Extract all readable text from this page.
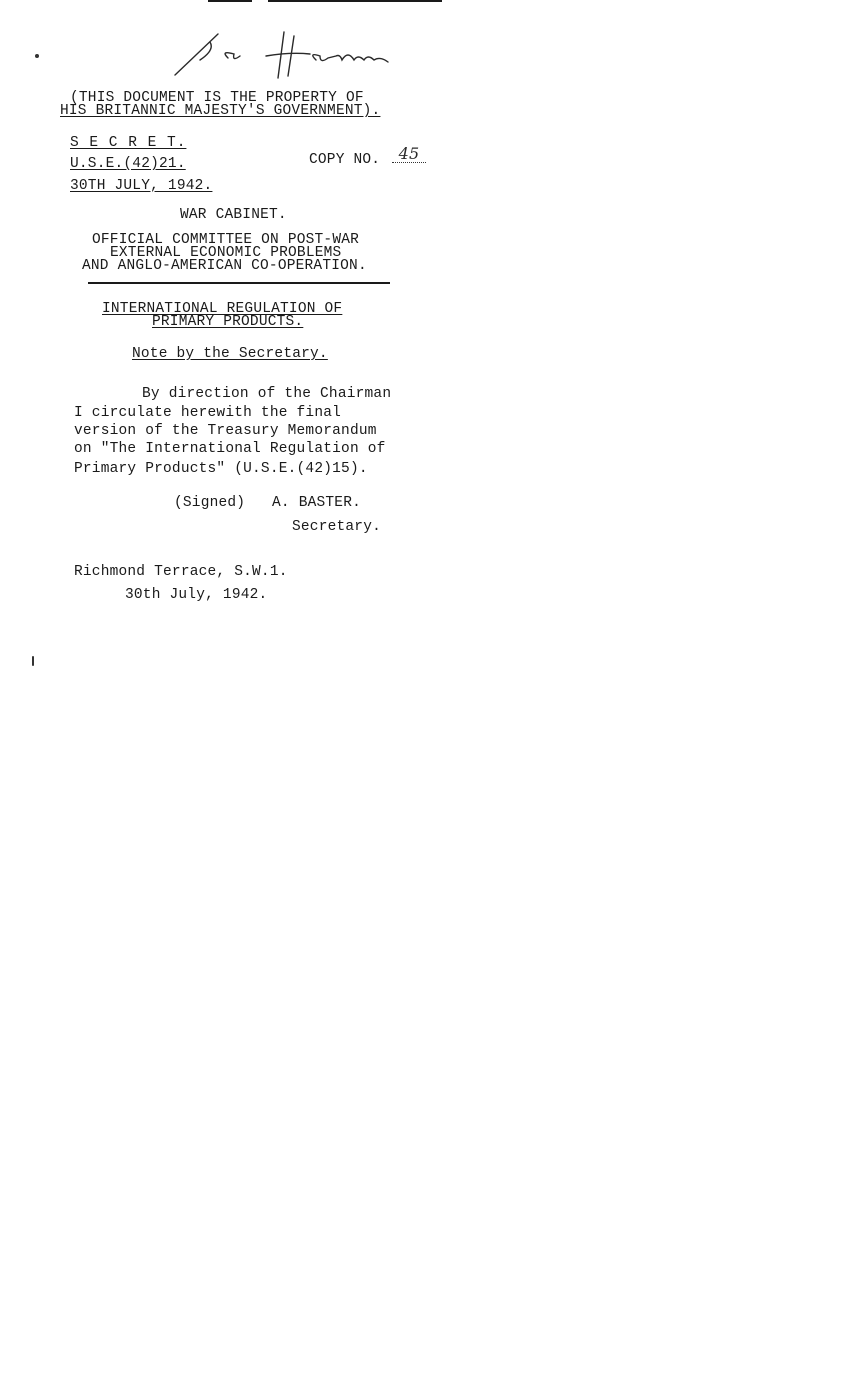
(THIS DOCUMENT IS THE PROPERTY OF
HIS BRITANNIC MAJESTY'S GOVERNMENT).
S E C R E T.
U.S.E.(42)21.	COPY NO.	45
30TH JULY, 1942.
WAR CABINET.
OFFICIAL COMMITTEE ON POST-WAR
EXTERNAL ECONOMIC PROBLEMS
AND ANGLO-AMERICAN CO-OPERATION.
INTERNATIONAL REGULATION OF
PRIMARY PRODUCTS.
Note by the Secretary.
By direction of the Chairman
I circulate herewith the final
version of the Treasury Memorandum
on "The International Regulation of
Primary Products" (U.S.E.(42)15).
(Signed) A. BASTER.
Secretary.
Richmond Terrace, S.W.1.
30th July, 1942.
